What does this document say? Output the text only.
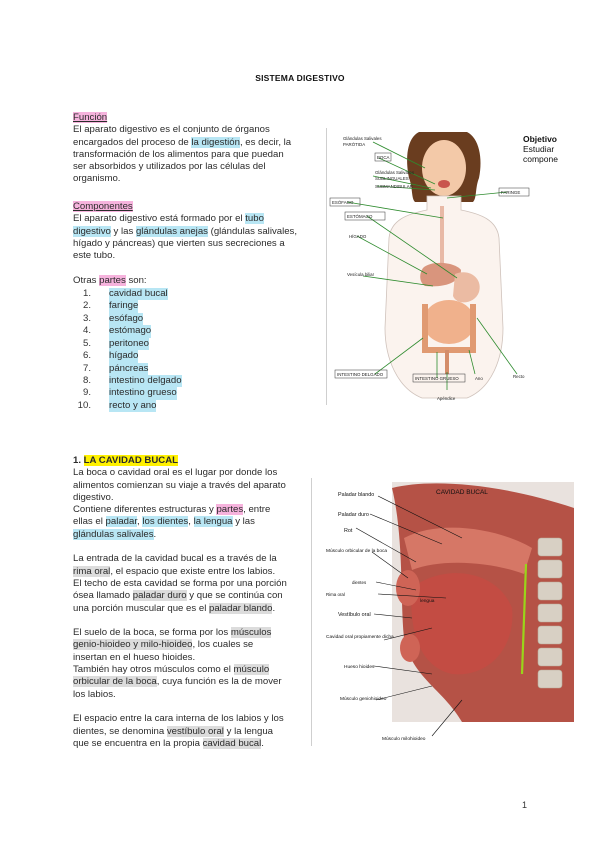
SISTEMA DIGESTIVO
Función
El aparato digestivo es el conjunto de órganos
encargados del proceso de la digestión, es decir, la
transformación de los alimentos para que puedan
ser absorbidos y utilizados por las células del
organismo.
Componentes
El aparato digestivo está formado por el tubo
digestivo y las glándulas anejas (glándulas salivales,
hígado y páncreas) que vierten sus secreciones a
este tubo.
Otras partes son:
1. cavidad bucal
2. faringe
3. esófago
4. estómago
5. peritoneo
6. hígado
7. páncreas
8. intestino delgado
9. intestino grueso
10. recto y ano
Glándulas Salivales
PARÓTIDA
BOCA
Glándulas Salivares
SUBLINGUALES
SUBMANDIBULAR
ESÓFAGO
FARINGE
ESTÓMAGO
HÍGADO
Vesícula biliar
INTESTINO DELGADO
INTESTINO GRUESO	Ano	Recto
Apéndice
Objetivo
Estudiar
compone
1. LA CAVIDAD BUCAL
La boca o cavidad oral es el lugar por donde los
alimentos comienzan su viaje a través del aparato
digestivo.
Contiene diferentes estructuras y partes, entre
ellas el paladar, los dientes, la lengua y las
glándulas salivales.
La entrada de la cavidad bucal es a través de la
rima oral, el espacio que existe entre los labios.
El techo de esta cavidad se forma por una porción
ósea llamado paladar duro y que se continúa con
una porción muscular que es el paladar blando.
El suelo de la boca, se forma por los músculos
genio-hioideo y milo-hioideo, los cuales se
insertan en el hueso hioides.
También hay otros músculos como el músculo
orbicular de la boca, cuya función es la de mover
los labios.
El espacio entre la cara interna de los labios y los
dientes, se denomina vestíbulo oral y la lengua
que se encuentra en la propia cavidad bucal.
CAVIDAD BUCAL
Paladar blando
Paladar duro
Rot
Músculo orbicular de la boca
dientes
Rima oral
lengua
Vestíbulo oral
Cavidad oral propiamente dicha
Hueso hioides
Músculo geniohioideo
Músculo milohioideo
1
